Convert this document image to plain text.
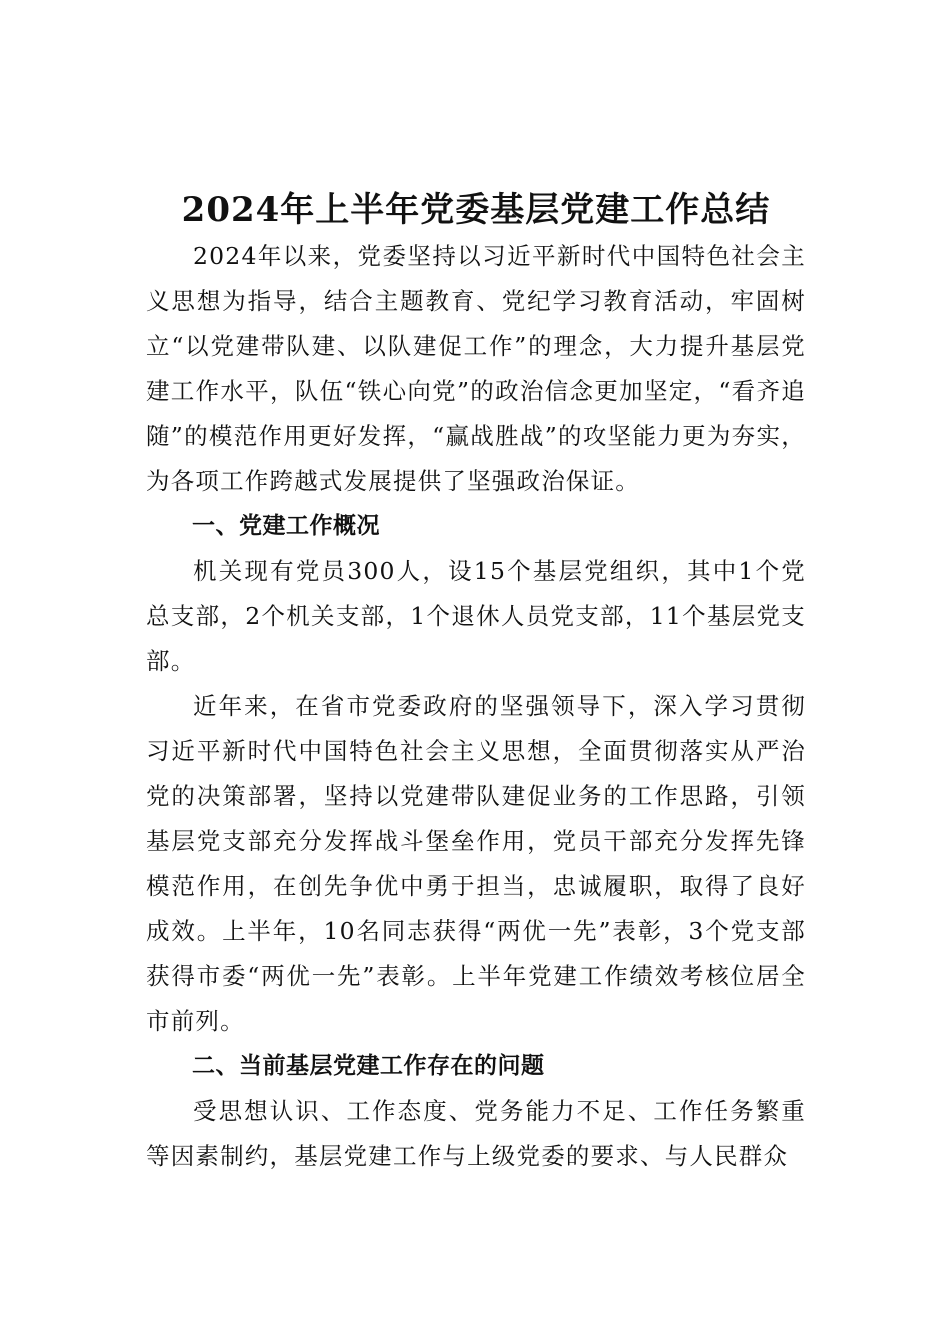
2024年上半年党委基层党建工作总结

2024年以来，党委坚持以习近平新时代中国特色社会主义思想为指导，结合主题教育、党纪学习教育活动，牢固树立“以党建带队建、以队建促工作”的理念，大力提升基层党建工作水平，队伍“铁心向党”的政治信念更加坚定，“看齐追随”的模范作用更好发挥，“赢战胜战”的攻坚能力更为夯实，为各项工作跨越式发展提供了坚强政治保证。

一、党建工作概况

机关现有党员300人，设15个基层党组织，其中1个党总支部，2个机关支部，1个退休人员党支部，11个基层党支部。

近年来，在省市党委政府的坚强领导下，深入学习贯彻习近平新时代中国特色社会主义思想，全面贯彻落实从严治党的决策部署，坚持以党建带队建促业务的工作思路，引领基层党支部充分发挥战斗堡垒作用，党员干部充分发挥先锋模范作用，在创先争优中勇于担当，忠诚履职，取得了良好成效。上半年，10名同志获得“两优一先”表彰，3个党支部获得市委“两优一先”表彰。上半年党建工作绩效考核位居全市前列。

二、当前基层党建工作存在的问题

受思想认识、工作态度、党务能力不足、工作任务繁重等因素制约，基层党建工作与上级党委的要求、与人民群众
